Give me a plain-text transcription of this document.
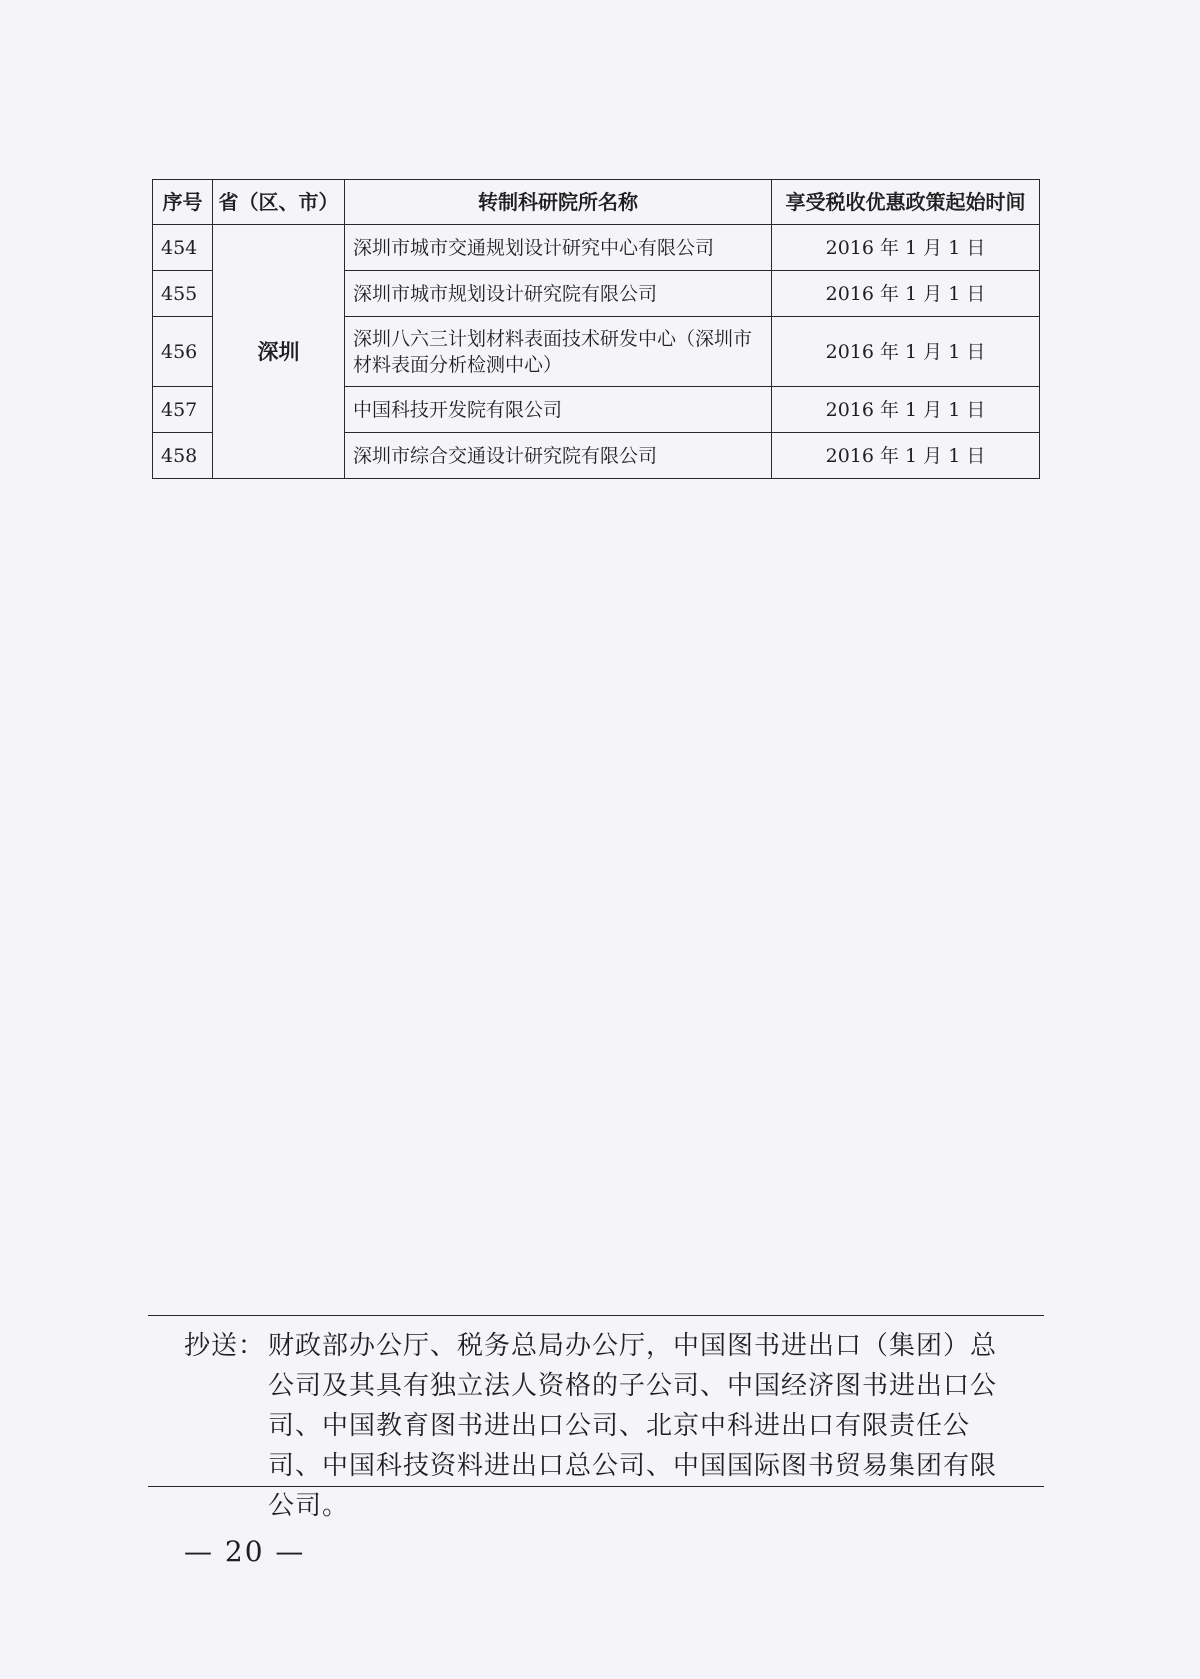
序号	省（区、市）	转制科研院所名称	享受税收优惠政策起始时间
454	深圳	深圳市城市交通规划设计研究中心有限公司	2016 年 1 月 1 日
455		深圳市城市规划设计研究院有限公司	2016 年 1 月 1 日
456		深圳八六三计划材料表面技术研发中心（深圳市材料表面分析检测中心）	2016 年 1 月 1 日
457		中国科技开发院有限公司	2016 年 1 月 1 日
458		深圳市综合交通设计研究院有限公司	2016 年 1 月 1 日
抄送： 财政部办公厅、税务总局办公厅，中国图书进出口（集团）总公司及其具有独立法人资格的子公司、中国经济图书进出口公司、中国教育图书进出口公司、北京中科进出口有限责任公司、中国科技资料进出口总公司、中国国际图书贸易集团有限公司。
— 20 —
